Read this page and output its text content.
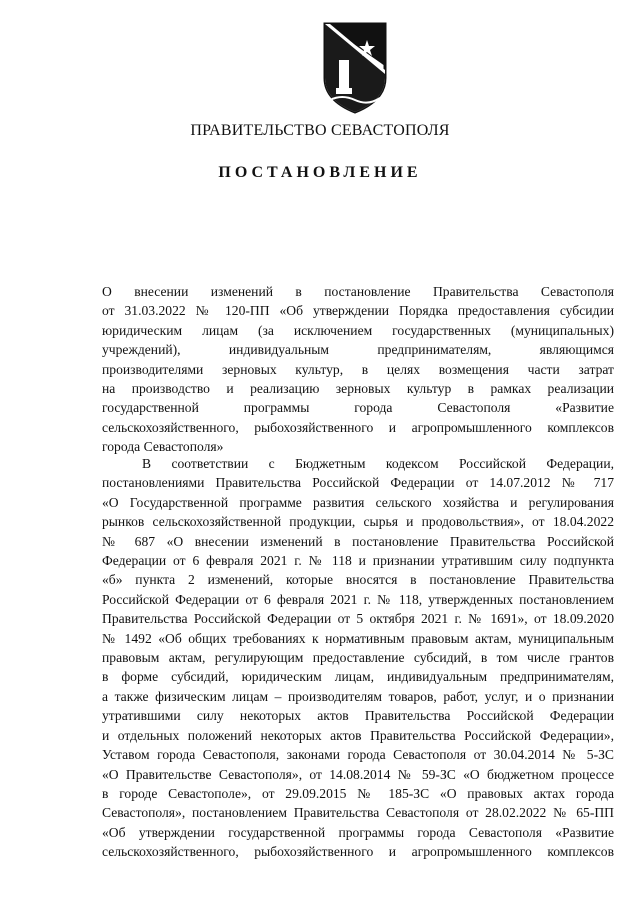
ПРАВИТЕЛЬСТВО СЕВАСТОПОЛЯ
ПОСТАНОВЛЕНИЕ
О внесении изменений в постановление Правительства Севастополя
от 31.03.2022 № 120-ПП «Об утверждении Порядка предоставления субсидии
юридическим лицам (за исключением государственных (муниципальных)
учреждений), индивидуальным предпринимателям, являющимся
производителями зерновых культур, в целях возмещения части затрат
на производство и реализацию зерновых культур в рамках реализации
государственной программы города Севастополя «Развитие
сельскохозяйственного, рыбохозяйственного и агропромышленного комплексов
города Севастополя»
В соответствии с Бюджетным кодексом Российской Федерации,
постановлениями Правительства Российской Федерации от 14.07.2012 № 717
«О Государственной программе развития сельского хозяйства и регулирования
рынков сельскохозяйственной продукции, сырья и продовольствия», от 18.04.2022
№ 687 «О внесении изменений в постановление Правительства Российской
Федерации от 6 февраля 2021 г. № 118 и признании утратившим силу подпункта
«б» пункта 2 изменений, которые вносятся в постановление Правительства
Российской Федерации от 6 февраля 2021 г. № 118, утвержденных постановлением
Правительства Российской Федерации от 5 октября 2021 г. № 1691», от 18.09.2020
№ 1492 «Об общих требованиях к нормативным правовым актам, муниципальным
правовым актам, регулирующим предоставление субсидий, в том числе грантов
в форме субсидий, юридическим лицам, индивидуальным предпринимателям,
а также физическим лицам – производителям товаров, работ, услуг, и о признании
утратившими силу некоторых актов Правительства Российской Федерации
и отдельных положений некоторых актов Правительства Российской Федерации»,
Уставом города Севастополя, законами города Севастополя от 30.04.2014 № 5-ЗС
«О Правительстве Севастополя», от 14.08.2014 № 59-ЗС «О бюджетном процессе
в городе Севастополе», от 29.09.2015 № 185-ЗС «О правовых актах города
Севастополя», постановлением Правительства Севастополя от 28.02.2022 № 65-ПП
«Об утверждении государственной программы города Севастополя «Развитие
сельскохозяйственного, рыбохозяйственного и агропромышленного комплексов
